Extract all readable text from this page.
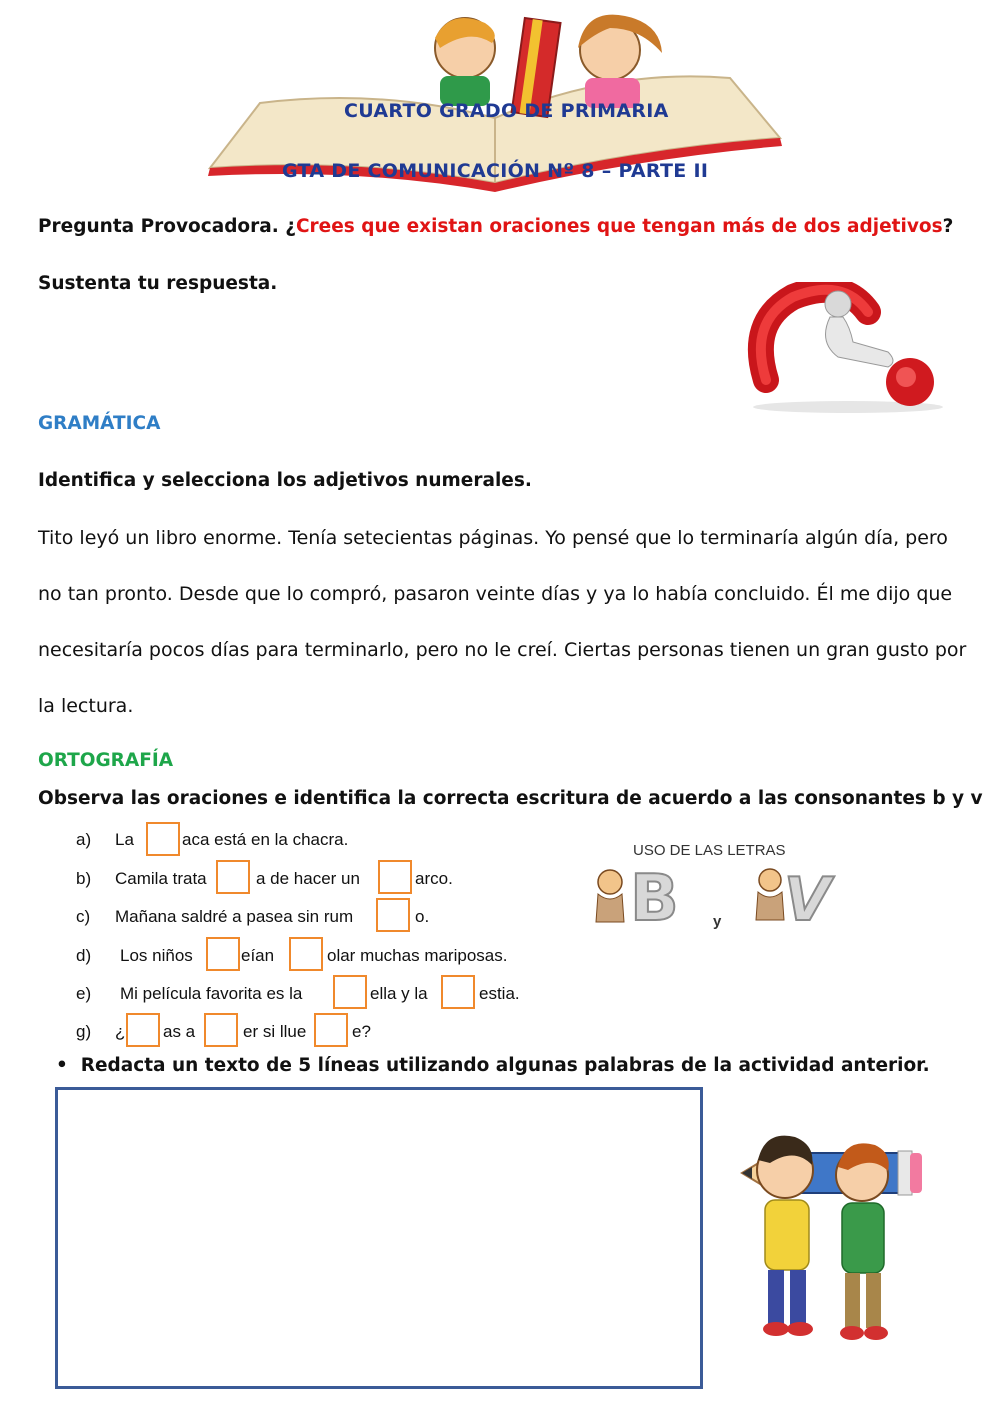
CUARTO GRADO DE PRIMARIA
GTA DE COMUNICACIÓN Nº 8 – PARTE II
Pregunta Provocadora. ¿Crees que existan oraciones que tengan más de dos adjetivos?
Sustenta tu respuesta.
GRAMÁTICA
Identifica y selecciona los adjetivos numerales.
Tito leyó un libro enorme. Tenía setecientas páginas. Yo pensé que lo terminaría algún día, pero
no tan pronto. Desde que lo compró, pasaron veinte días y ya lo había concluido. Él me dijo que
necesitaría pocos días para terminarlo, pero no le creí. Ciertas personas tienen un gran gusto por
la lectura.
ORTOGRAFÍA
Observa las oraciones e identifica la correcta escritura de acuerdo a las consonantes b y v
a) La	aca está en la chacra.
b) Camila trata	a de hacer un	arco.
c) Mañana saldré a pasea sin rum	o.
d) Los niños	eían	olar muchas mariposas.
e) Mi película favorita es la	ella y la	estia.
g) ¿ as a	er si llue	e?
USO DE LAS LETRAS
B y V
• Redacta un texto de 5 líneas utilizando algunas palabras de la actividad anterior.
